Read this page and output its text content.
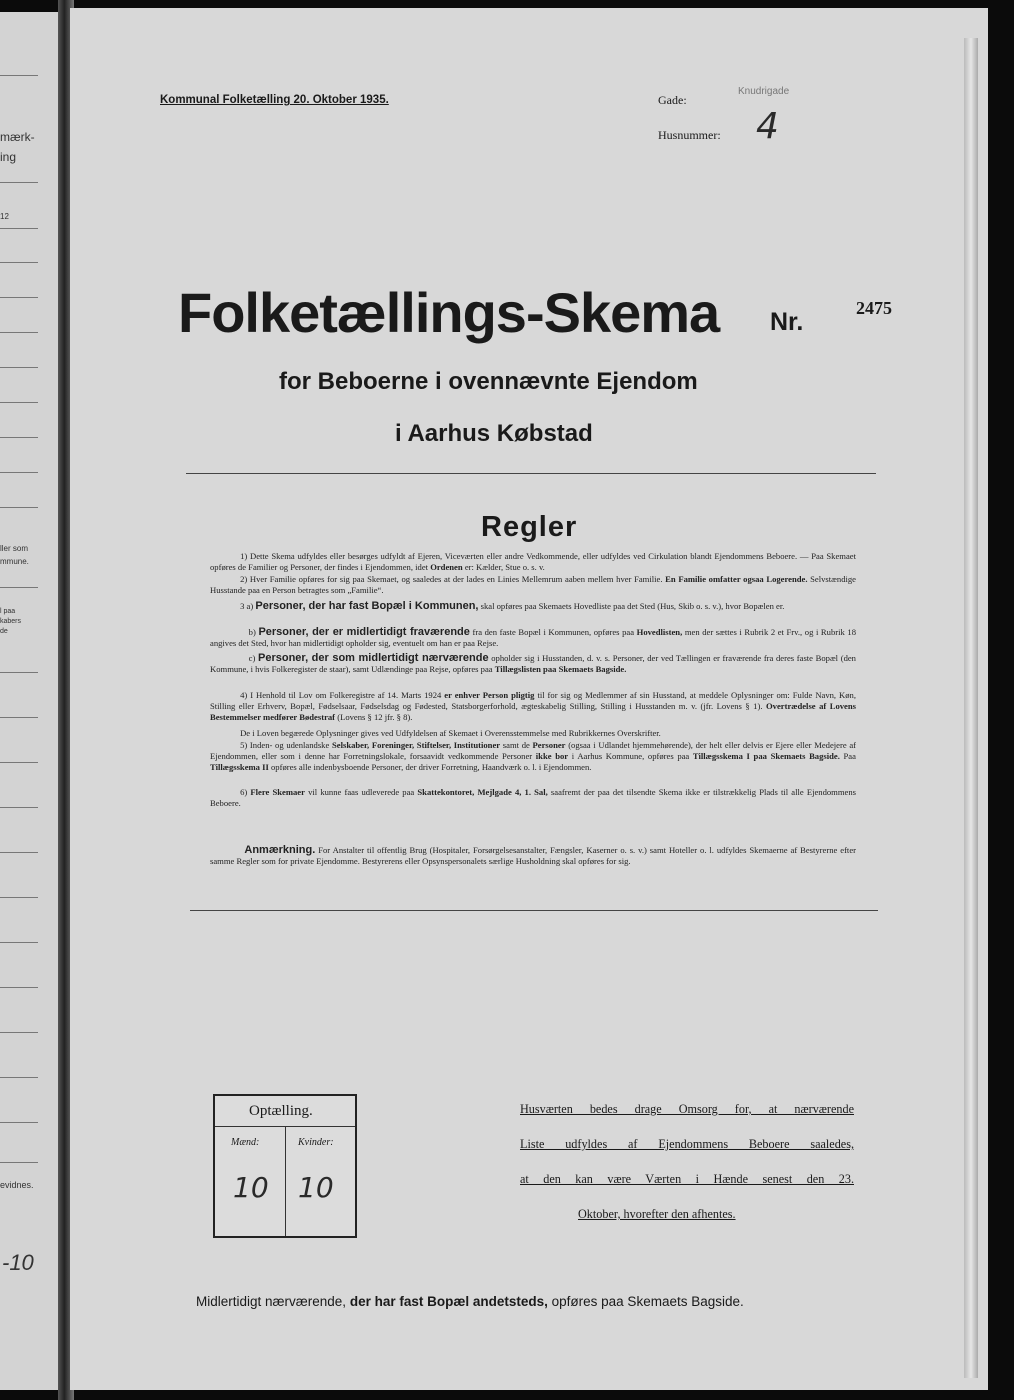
mærk-
ing
12
ller som
mmune.
l paa
kabers
de
evidnes.
-10
Kommunal Folketælling 20. Oktober 1935.	Gade:
Knudrigade
Husnummer: 4
Folketællings-Skema Nr.	2475
for Beboerne i ovennævnte Ejendom
i Aarhus Købstad
Regler
    1) Dette Skema udfyldes eller besørges udfyldt af Ejeren, Viceværten eller andre Vedkommende, eller udfyldes ved Cirkulation blandt Ejendommens Beboere. — Paa Skemaet opføres de Familier og Personer, der findes i Ejendommen, idet Ordenen er: Kælder, Stue o. s. v.
    2) Hver Familie opføres for sig paa Skemaet, og saaledes at der lades en Linies Mellemrum aaben mellem hver Familie. En Familie omfatter ogsaa Logerende. Selvstændige Husstande paa en Person betragtes som „Familie“.
    3 a) Personer, der har fast Bopæl i Kommunen, skal opføres paa Skemaets Hovedliste paa det Sted (Hus, Skib o. s. v.), hvor Bopælen er.
     b) Personer, der er midlertidigt fraværende fra den faste Bopæl i Kommunen, opføres paa Hovedlisten, men der sættes i Rubrik 2 et Frv., og i Rubrik 18 angives det Sted, hvor han midlertidigt opholder sig, eventuelt om han er paa Rejse.
     c) Personer, der som midlertidigt nærværende opholder sig i Husstanden, d. v. s. Personer, der ved Tællingen er fraværende fra deres faste Bopæl (den Kommune, i hvis Folkeregister de staar), samt Udlændinge paa Rejse, opføres paa Tillægslisten paa Skemaets Bagside.
    4) I Henhold til Lov om Folkeregistre af 14. Marts 1924 er enhver Person pligtig til for sig og Medlemmer af sin Husstand, at meddele Oplysninger om: Fulde Navn, Køn, Stilling eller Erhverv, Bopæl, Fødselsaar, Fødselsdag og Fødested, Statsborgerforhold, ægteskabelig Stilling, Stilling i Husstanden m. v. (jfr. Lovens § 1). Overtrædelse af Lovens Bestemmelser medfører Bødestraf (Lovens § 12 jfr. § 8).
    De i Loven begærede Oplysninger gives ved Udfyldelsen af Skemaet i Overensstemmelse med Rubrikkernes Overskrifter.
    5) Inden- og udenlandske Selskaber, Foreninger, Stiftelser, Institutioner samt de Personer (ogsaa i Udlandet hjemmehørende), der helt eller delvis er Ejere eller Medejere af Ejendommen, eller som i denne har Forretningslokale, forsaavidt vedkommende Personer ikke bor i Aarhus Kommune, opføres paa Tillægsskema I paa Skemaets Bagside. Paa Tillægsskema II opføres alle indenbysboende Personer, der driver Forretning, Haandværk o. l. i Ejendommen.
    6) Flere Skemaer vil kunne faas udleverede paa Skattekontoret, Mejlgade 4, 1. Sal, saafremt der paa det tilsendte Skema ikke er tilstrækkelig Plads til alle Ejendommens Beboere.
    Anmærkning. For Anstalter til offentlig Brug (Hospitaler, Forsørgelsesanstalter, Fængsler, Kaserner o. s. v.) samt Hoteller o. l. udfyldes Skemaerne af Bestyrerne efter samme Regler som for private Ejendomme. Bestyrerens eller Opsynspersonalets særlige Husholdning skal opføres for sig.
Optælling.
Mænd:
10
Kvinder:
10
Husværten bedes drage Omsorg for, at nærværende
Liste udfyldes af Ejendommens Beboere saaledes,
at den kan være Værten i Hænde senest den 23.
Oktober, hvorefter den afhentes.
Midlertidigt nærværende, der har fast Bopæl andetsteds, opføres paa Skemaets Bagside.
